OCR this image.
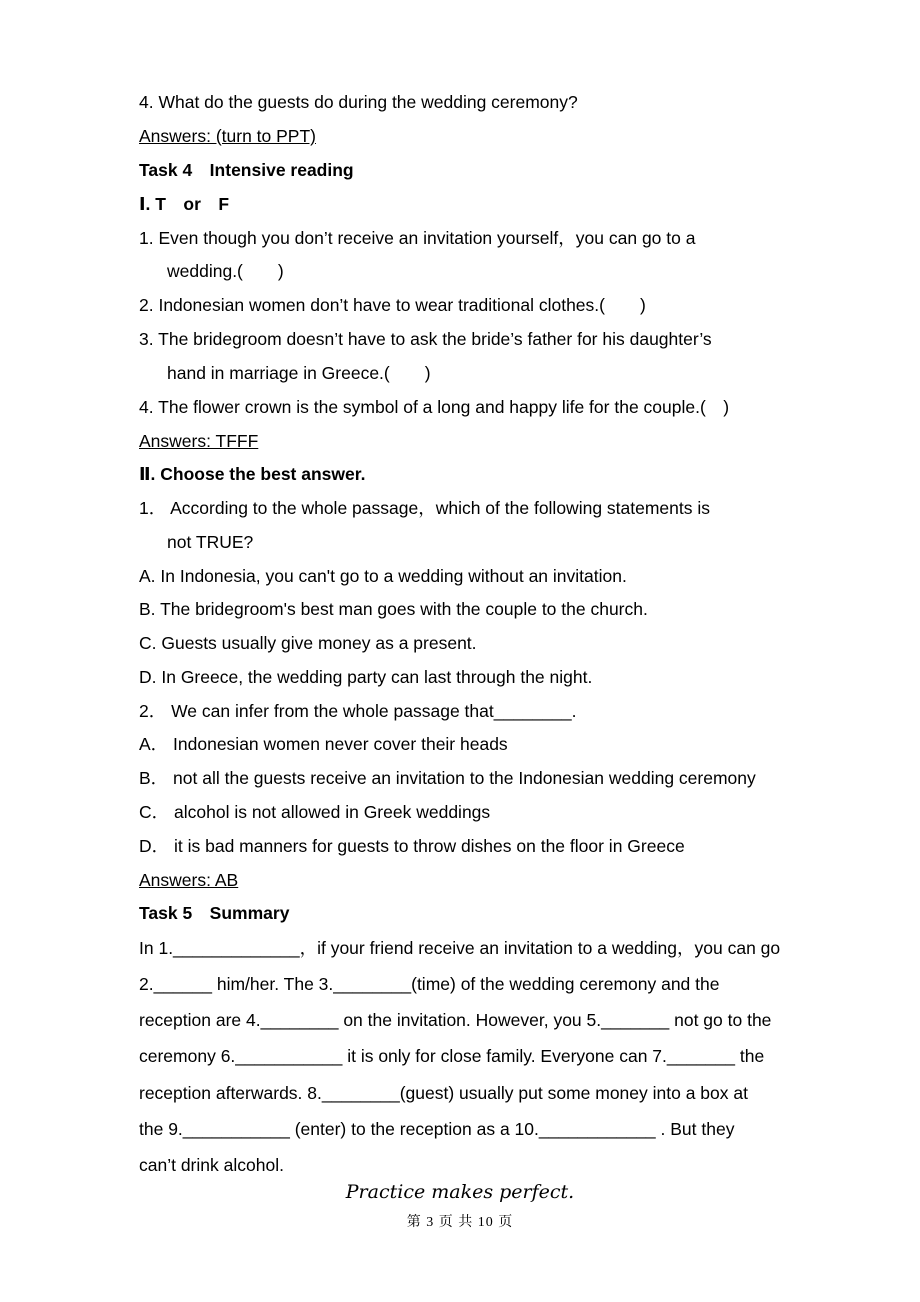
4. What do the guests do during the wedding ceremony?
Answers: (turn to PPT)
Task 4　Intensive reading
Ⅰ. T　or　F
1. Even though you don’t receive an invitation yourself，you can go to a
wedding.(　　)
2. Indonesian women don’t have to wear traditional clothes.(　　)
3. The bridegroom doesn’t have to ask the bride’s father for his daughter’s
hand in marriage in Greece.(　　)
4. The flower crown is the symbol of a long and happy life for the couple.(　)
Answers: TFFF
Ⅱ. Choose the best answer.
1． According to the whole passage，which of the following statements is
not TRUE?
A. In Indonesia, you can't go to a wedding without an invitation.
B. The bridegroom's best man goes with the couple to the church.
C. Guests usually give money as a present.
D. In Greece, the wedding party can last through the night.
2． We can infer from the whole passage that________.
A． Indonesian women never cover their heads
B． not all the guests receive an invitation to the Indonesian wedding ceremony
C． alcohol is not allowed in Greek weddings
D． it is bad manners for guests to throw dishes on the floor in Greece
Answers: AB
Task 5　Summary
In 1._____________，if your friend receive an invitation to a wedding，you can go
2.______ him/her. The 3.________(time) of the wedding ceremony and the
reception are 4.________ on the invitation. However, you 5._______ not go to the
ceremony 6.___________ it is only for close family. Everyone can 7._______ the
reception afterwards. 8.________(guest) usually put some money into a box at
the 9.___________ (enter) to the reception as a 10.____________ . But they
can’t drink alcohol.
Practice makes perfect.
第 3 页 共 10 页
